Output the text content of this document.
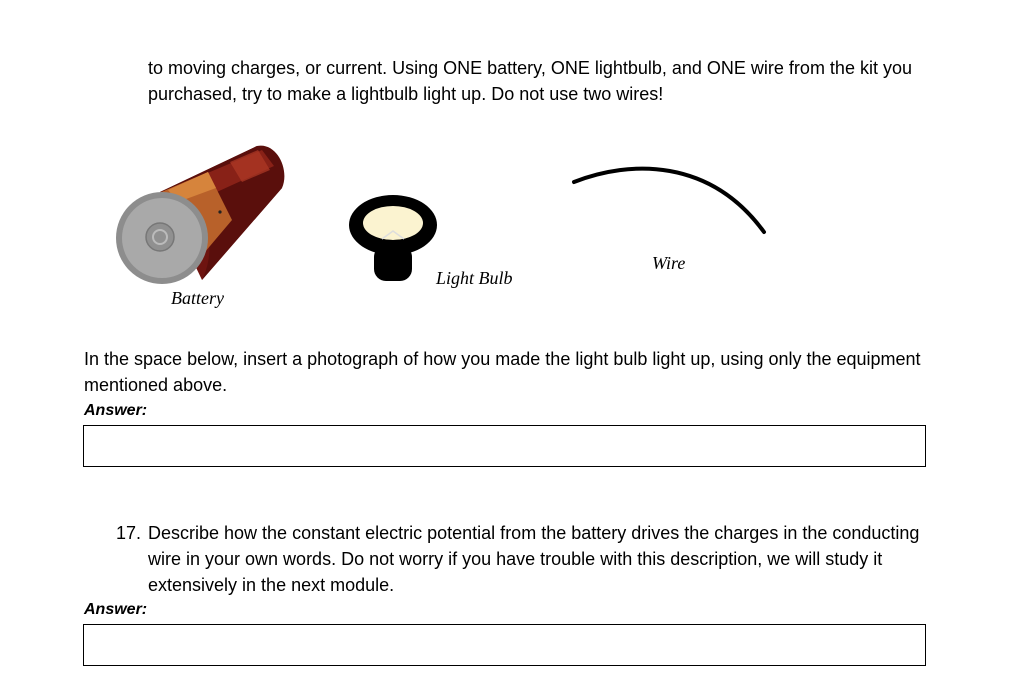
to moving charges, or current. Using ONE battery, ONE lightbulb, and ONE wire from the kit you purchased, try to make a lightbulb light up. Do not use two wires!

Battery
Light Bulb
Wire

In the space below, insert a photograph of how you made the light bulb light up, using only the equipment mentioned above.

Answer:
17. Describe how the constant electric potential from the battery drives the charges in the conducting wire in your own words. Do not worry if you have trouble with this description, we will study it extensively in the next module.
Answer:
